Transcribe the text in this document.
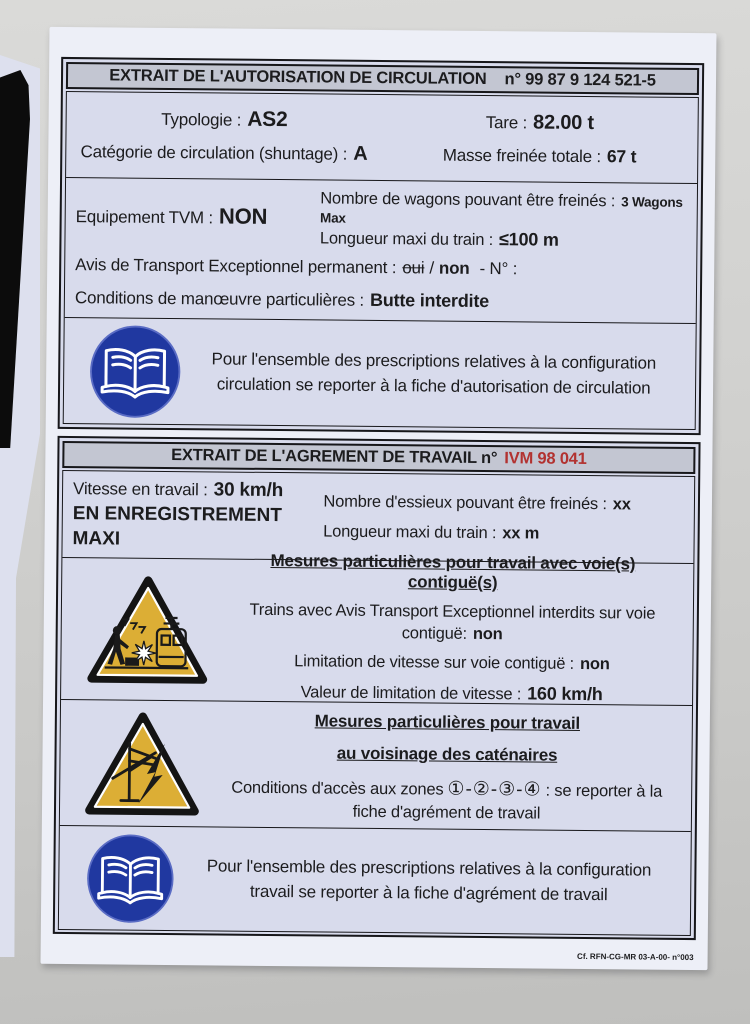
EXTRAIT DE L'AUTORISATION DE CIRCULATION n° 99 87 9 124 521-5
Typologie : AS2
Catégorie de circulation (shuntage) : A
Tare : 82.00 t
Masse freinée totale : 67 t
Equipement TVM : NON
Nombre de wagons pouvant être freinés : 3 Wagons Max
Longueur maxi du train : ≤100 m
Avis de Transport Exceptionnel permanent : oui / non - N° :
Conditions de manœuvre particulières : Butte interdite
Pour l'ensemble des prescriptions relatives à la configuration circulation se reporter à la fiche d'autorisation de circulation
EXTRAIT DE L'AGREMENT DE TRAVAIL n° IVM 98 041
Vitesse en travail : 30 km/h
EN ENREGISTREMENT
MAXI
Nombre d'essieux pouvant être freinés : xx
Longueur maxi du train : xx m
Mesures particulières pour travail avec voie(s) contiguë(s)
Trains avec Avis Transport Exceptionnel interdits sur voie contiguë: non
Limitation de vitesse sur voie contiguë : non
Valeur de limitation de vitesse : 160 km/h
Mesures particulières pour travail
au voisinage des caténaires
Conditions d'accès aux zones ①-②-③-④ : se reporter à la fiche d'agrément de travail
Pour l'ensemble des prescriptions relatives à la configuration travail se reporter à la fiche d'agrément de travail
Cf. RFN-CG-MR 03-A-00- n°003
